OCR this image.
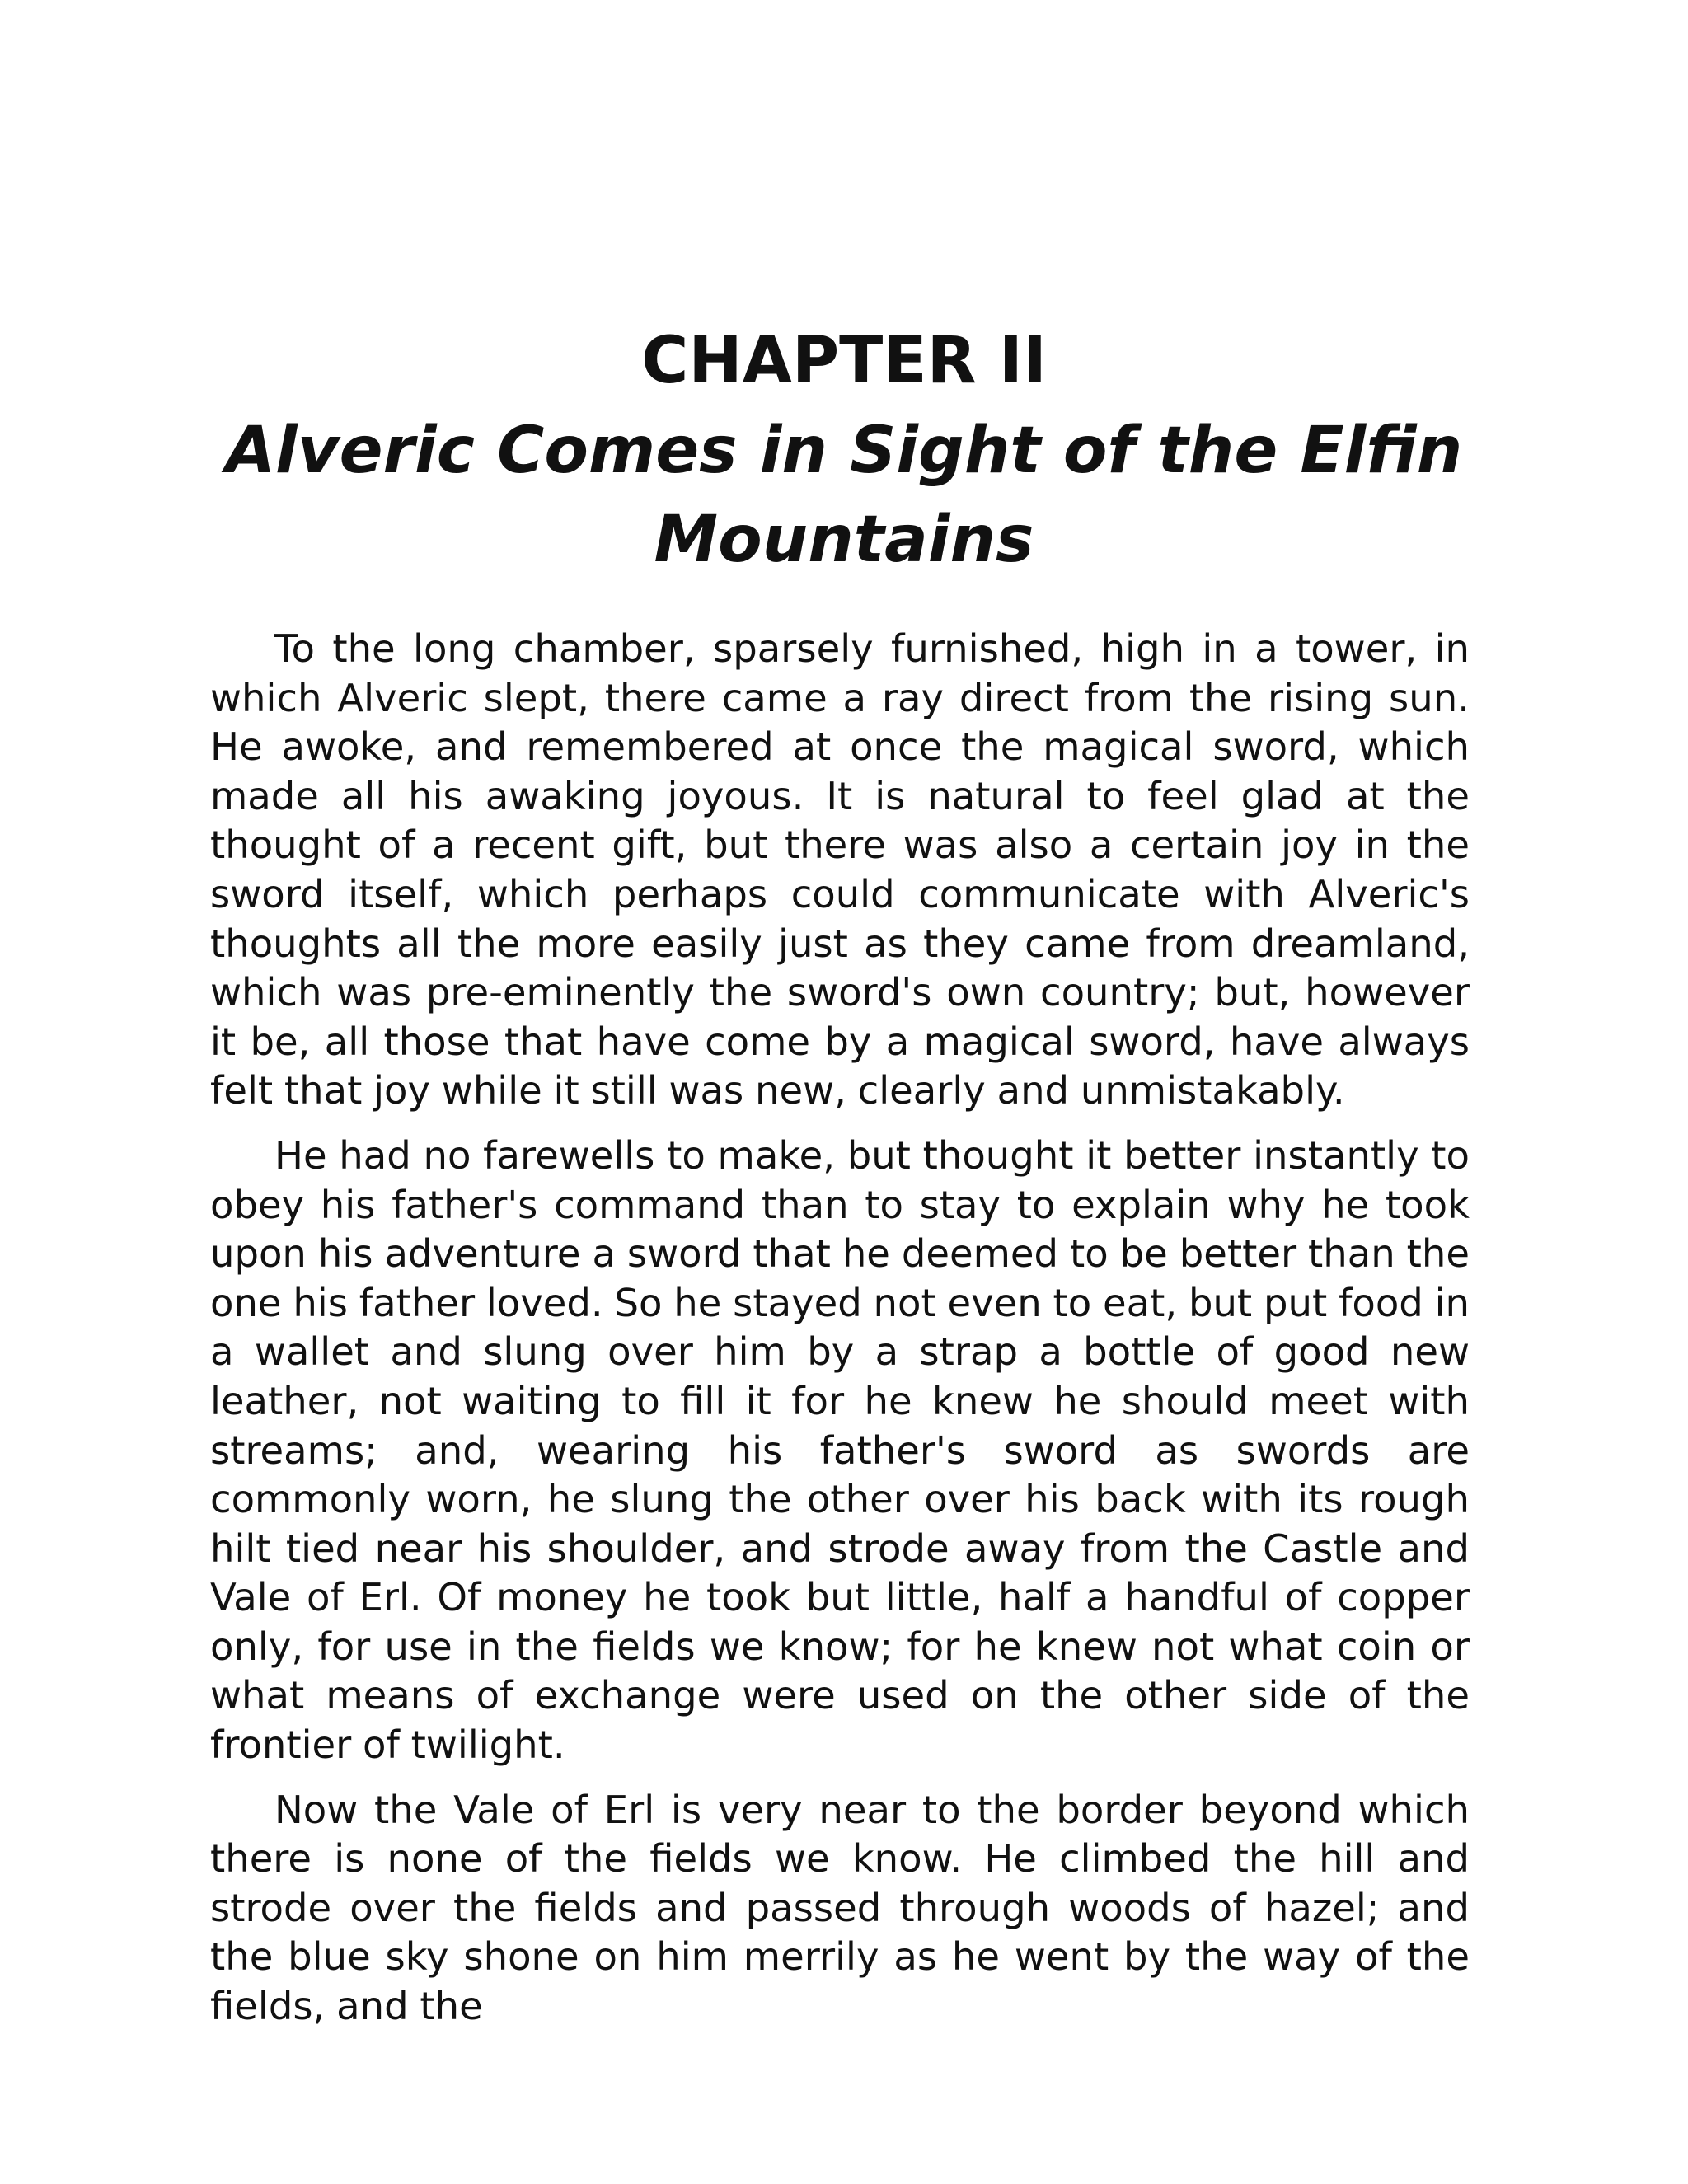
CHAPTER II
Alveric Comes in Sight of the Elfin Mountains

To the long chamber, sparsely furnished, high in a tower, in which Alveric slept, there came a ray direct from the rising sun. He awoke, and remembered at once the magical sword, which made all his awaking joyous. It is natural to feel glad at the thought of a recent gift, but there was also a certain joy in the sword itself, which perhaps could communicate with Alveric's thoughts all the more easily just as they came from dreamland, which was pre-eminently the sword's own country; but, however it be, all those that have come by a magical sword, have always felt that joy while it still was new, clearly and unmistakably.

He had no farewells to make, but thought it better instantly to obey his father's command than to stay to explain why he took upon his adventure a sword that he deemed to be better than the one his father loved. So he stayed not even to eat, but put food in a wallet and slung over him by a strap a bottle of good new leather, not waiting to fill it for he knew he should meet with streams; and, wearing his father's sword as swords are commonly worn, he slung the other over his back with its rough hilt tied near his shoulder, and strode away from the Castle and Vale of Erl. Of money he took but little, half a handful of copper only, for use in the fields we know; for he knew not what coin or what means of exchange were used on the other side of the frontier of twilight.

Now the Vale of Erl is very near to the border beyond which there is none of the fields we know. He climbed the hill and strode over the fields and passed through woods of hazel; and the blue sky shone on him merrily as he went by the way of the fields, and the
